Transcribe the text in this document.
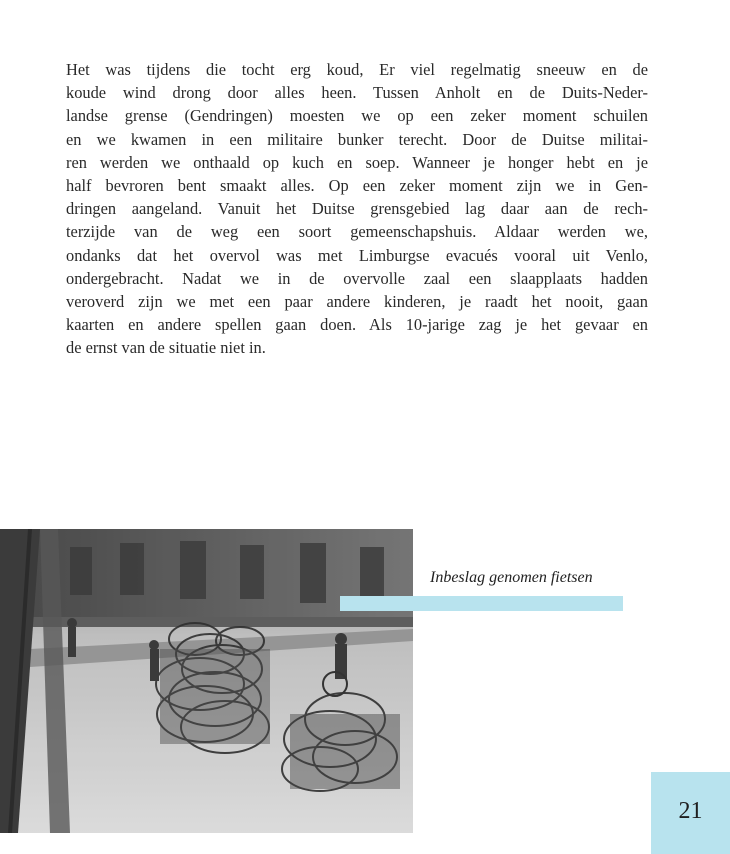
Het was tijdens die tocht erg koud, Er viel regelmatig sneeuw en de
koude wind drong door alles heen. Tussen Anholt en de Duits-Neder-
landse grense (Gendringen) moesten we op een zeker moment schuilen
en we kwamen in een militaire bunker terecht. Door de Duitse militai-
ren werden we onthaald op kuch en soep. Wanneer je honger hebt en je
half bevroren bent smaakt alles. Op een zeker moment zijn we in Gen-
dringen aangeland. Vanuit het Duitse grensgebied lag daar aan de rech-
terzijde van de weg een soort gemeenschapshuis. Aldaar werden we,
ondanks dat het overvol was met Limburgse evacués vooral uit Venlo,
ondergebracht. Nadat we in de overvolle zaal een slaapplaats hadden
veroverd zijn we met een paar andere kinderen, je raadt het nooit, gaan
kaarten en andere spellen gaan doen. Als 10-jarige zag je het gevaar en
de ernst van de situatie niet in.
Inbeslag genomen fietsen
21
